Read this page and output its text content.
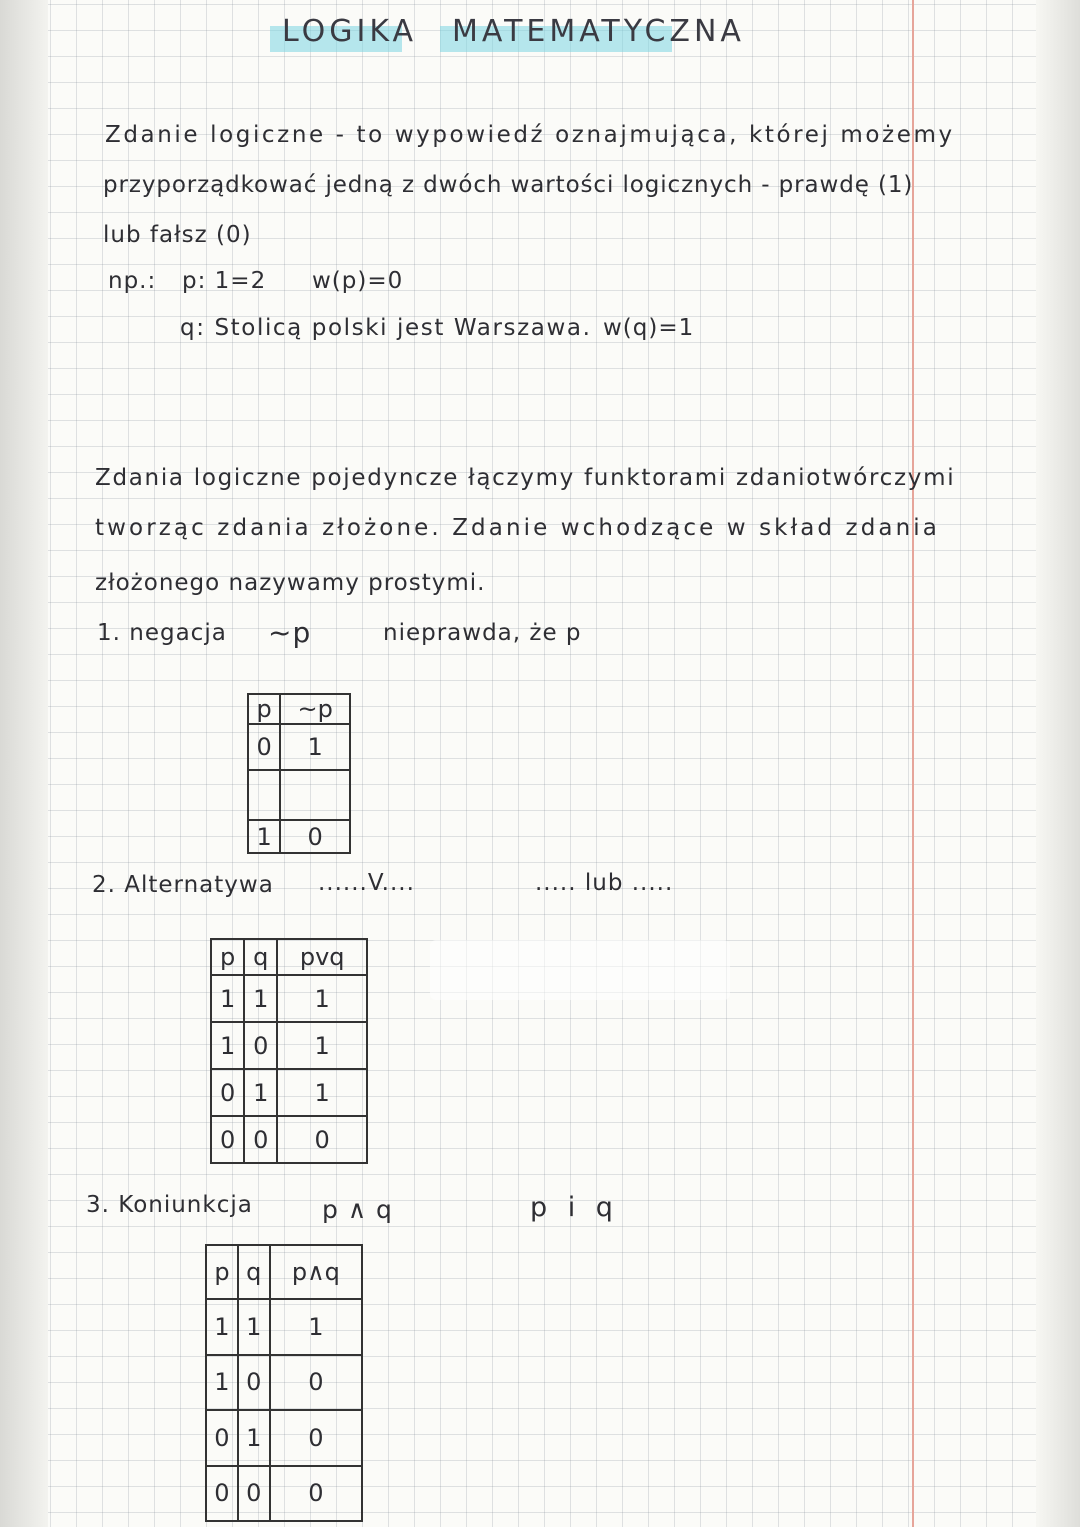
LOGIKA MATEMATYCZNA
Zdanie logiczne - to wypowiedź oznajmująca, której możemy
przyporządkować jedną z dwóch wartości logicznych - prawdę (1)
lub fałsz (0)
np.: p: 1=2 w(p)=0
q: Stolicą polski jest Warszawa. w(q)=1
Zdania logiczne pojedyncze łączymy funktorami zdaniotwórczymi
tworząc zdania złożone. Zdanie wchodzące w skład zdania
złożonego nazywamy prostymi.
1. negacja ~p	nieprawda, że p
p	~p
0	1

1	0
2. Alternatywa ......V....	..... lub .....
p	q	pvq
1	1	1
1	0	1
0	1	1
0	0	0
3. Koniunkcja	p ∧ q	p i q
p	q	p∧q
1	1	1
1	0	0
0	1	0
0	0	0
